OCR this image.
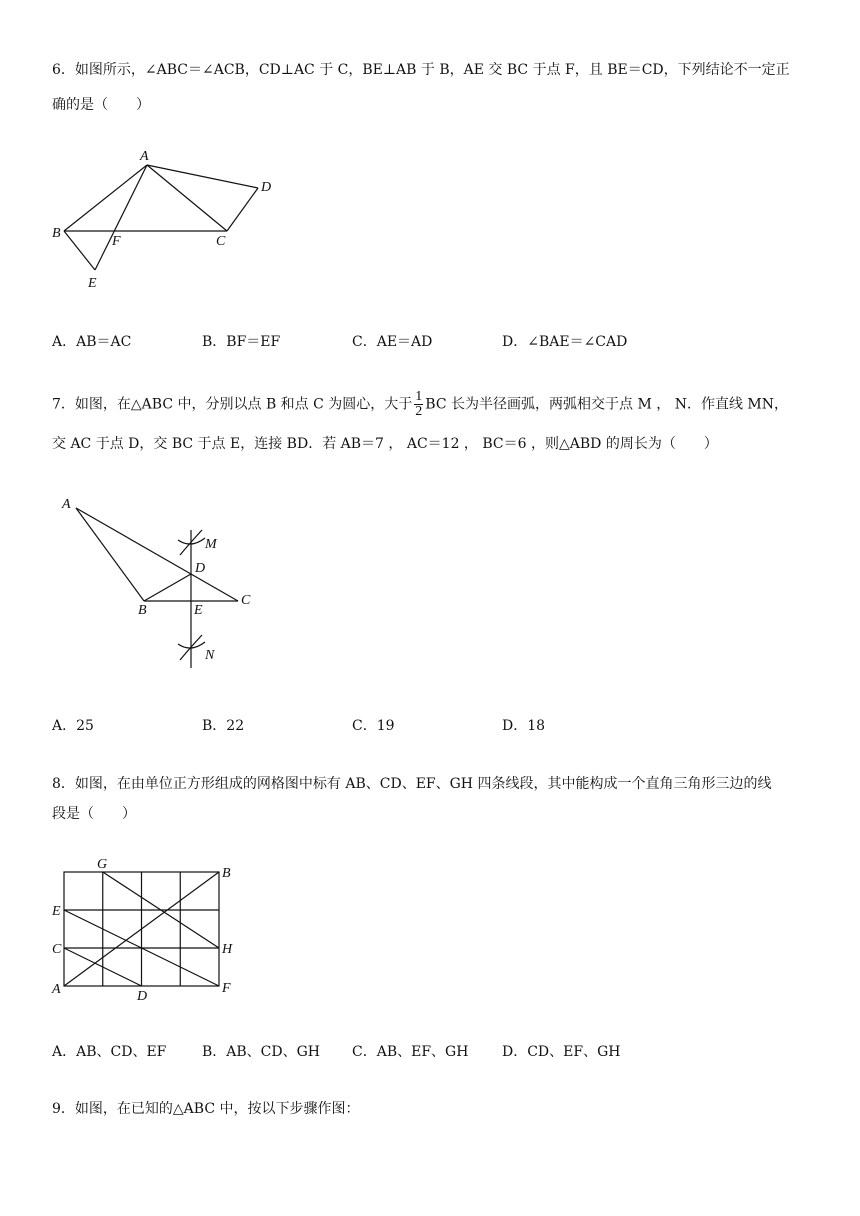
6．如图所示，∠ABC＝∠ACB，CD⊥AC 于 C，BE⊥AB 于 B，AE 交 BC 于点 F，且 BE＝CD，下列结论不一定正
确的是（　　）
A
B
C
D
E
F
A．AB＝AC	B．BF＝EF	C．AE＝AD	D．∠BAE＝∠CAD
7．如图，在△ABC 中，分别以点 B 和点 C 为圆心，大于 $\frac{1}{2}$ BC 长为半径画弧，两弧相交于点 M ， N．作直线 MN，
交 AC 于点 D，交 BC 于点 E，连接 BD．若 AB＝7 ， AC＝12 ， BC＝6 ，则△ABD 的周长为（　　）
A
B
C
D
E
M
N
A．25	B．22	C．19	D．18
8．如图，在由单位正方形组成的网格图中标有 AB、CD、EF、GH 四条线段，其中能构成一个直角三角形三边的线
段是（　　）
A
B
C
D
E
F
G
H
A．AB、CD、EF	B．AB、CD、GH C．AB、EF、GH D．CD、EF、GH
9．如图，在已知的△ABC 中，按以下步骤作图：
